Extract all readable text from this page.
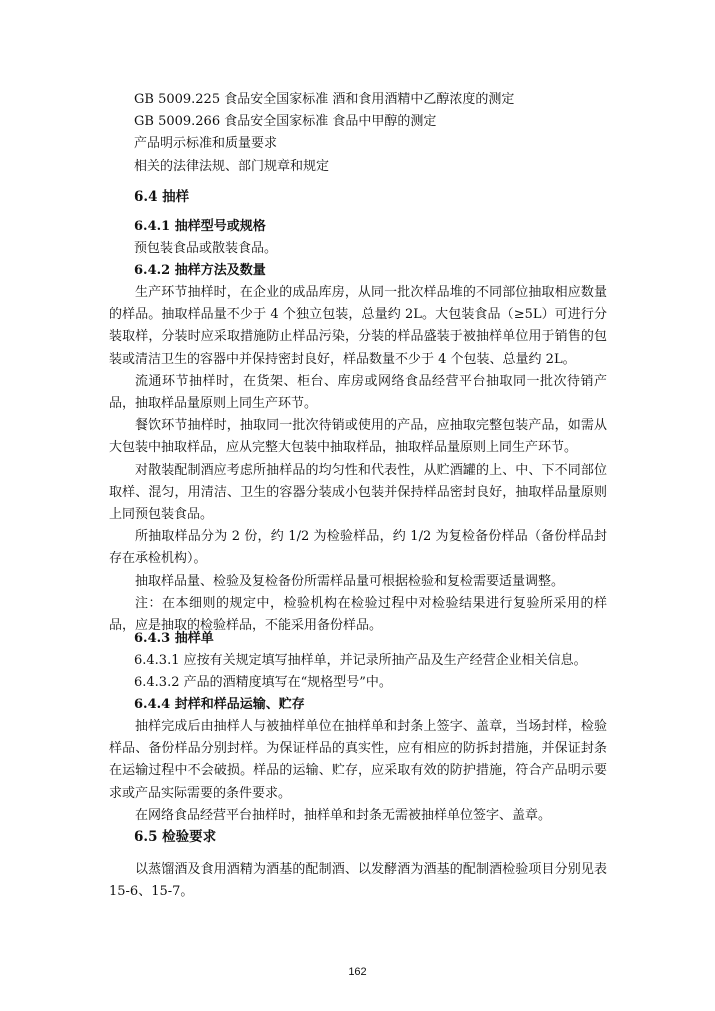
GB 5009.225 食品安全国家标准 酒和食用酒精中乙醇浓度的测定
GB 5009.266 食品安全国家标准 食品中甲醇的测定
产品明示标准和质量要求
相关的法律法规、部门规章和规定
6.4 抽样
6.4.1 抽样型号或规格
预包装食品或散装食品。
6.4.2 抽样方法及数量

生产环节抽样时，在企业的成品库房，从同一批次样品堆的不同部位抽取相应数量的样品。抽取样品量不少于 4 个独立包装，总量约 2L。大包装食品（≥5L）可进行分装取样，分装时应采取措施防止样品污染，分装的样品盛装于被抽样单位用于销售的包装或清洁卫生的容器中并保持密封良好，样品数量不少于 4 个包装、总量约 2L。

流通环节抽样时，在货架、柜台、库房或网络食品经营平台抽取同一批次待销产品，抽取样品量原则上同生产环节。

餐饮环节抽样时，抽取同一批次待销或使用的产品，应抽取完整包装产品，如需从大包装中抽取样品，应从完整大包装中抽取样品，抽取样品量原则上同生产环节。

对散装配制酒应考虑所抽样品的均匀性和代表性，从贮酒罐的上、中、下不同部位取样、混匀，用清洁、卫生的容器分装成小包装并保持样品密封良好，抽取样品量原则上同预包装食品。

所抽取样品分为 2 份，约 1/2 为检验样品，约 1/2 为复检备份样品（备份样品封存在承检机构）。

抽取样品量、检验及复检备份所需样品量可根据检验和复检需要适量调整。

注：在本细则的规定中，检验机构在检验过程中对检验结果进行复验所采用的样品，应是抽取的检验样品，不能采用备份样品。

6.4.3 抽样单
6.4.3.1 应按有关规定填写抽样单，并记录所抽产品及生产经营企业相关信息。
6.4.3.2 产品的酒精度填写在“规格型号”中。
6.4.4 封样和样品运输、贮存

抽样完成后由抽样人与被抽样单位在抽样单和封条上签字、盖章，当场封样，检验样品、备份样品分别封样。为保证样品的真实性，应有相应的防拆封措施，并保证封条在运输过程中不会破损。样品的运输、贮存，应采取有效的防护措施，符合产品明示要求或产品实际需要的条件要求。

在网络食品经营平台抽样时，抽样单和封条无需被抽样单位签字、盖章。

6.5 检验要求

以蒸馏酒及食用酒精为酒基的配制酒、以发酵酒为酒基的配制酒检验项目分别见表 15-6、15-7。

162
